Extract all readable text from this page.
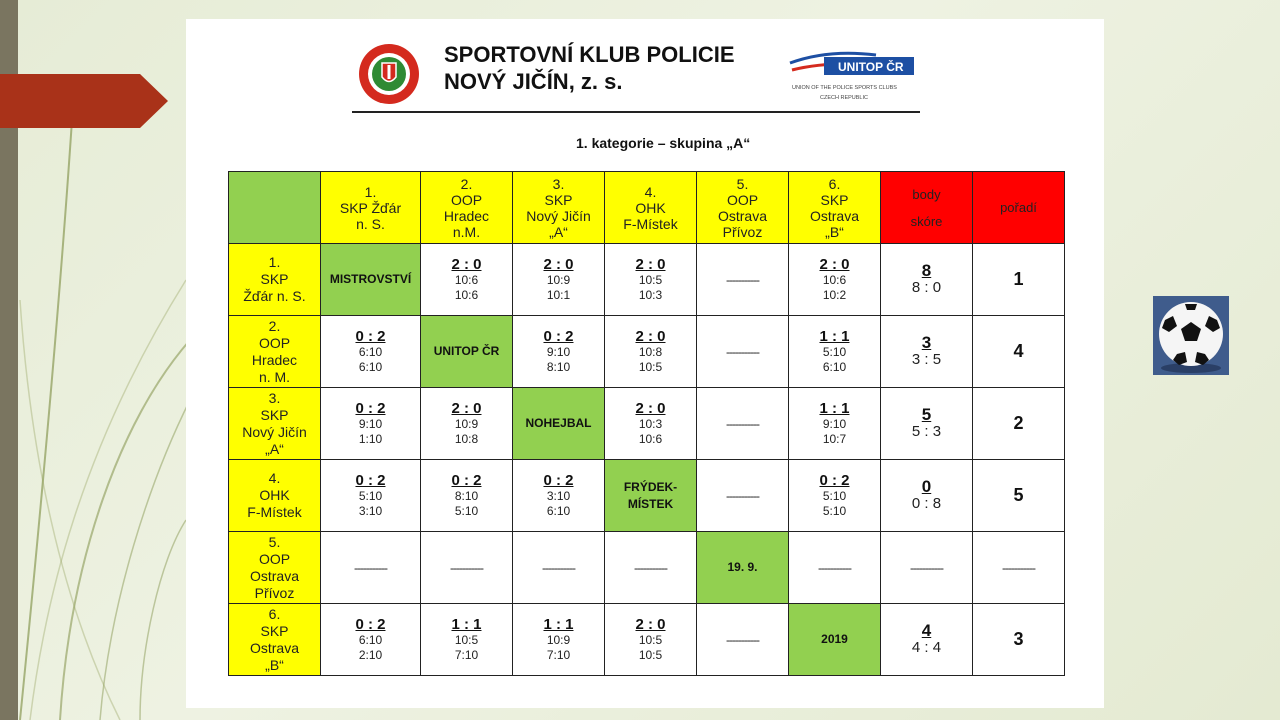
SPORTOVNÍ KLUB POLICIE
NOVÝ JIČÍN, z. s.
UNITOP ČR
UNION OF THE POLICE SPORTS CLUBS
CZECH REPUBLIC
1. kategorie – skupina „A“

	1.
SKP Žďár
n. S.	2.
OOP
Hradec
n.M.	3.
SKP
Nový Jičín
„A“	4.
OHK
F-Místek	5.
OOP
Ostrava
Přívoz	6.
SKP
Ostrava
„B“	body
skóre	pořadí

1.
SKP
Žďár n. S.	MISTROVSTVÍ	2 : 0
10:6
10:6	2 : 0
10:9
10:1	2 : 0
10:5
10:3	-----------	2 : 0
10:6
10:2	8
8 : 0	1

2.
OOP
Hradec
n. M.	0 : 2
6:10
6:10	UNITOP ČR	0 : 2
9:10
8:10	2 : 0
10:8
10:5	-----------	1 : 1
5:10
6:10	3
3 : 5	4

3.
SKP
Nový Jičín
„A“	0 : 2
9:10
1:10	2 : 0
10:9
10:8	NOHEJBAL	2 : 0
10:3
10:6	-----------	1 : 1
9:10
10:7	5
5 : 3	2

4.
OHK
F-Místek	0 : 2
5:10
3:10	0 : 2
8:10
5:10	0 : 2
3:10
6:10	FRÝDEK-
MÍSTEK	-----------	0 : 2
5:10
5:10	0
0 : 8	5

5.
OOP
Ostrava
Přívoz	-----------	-----------	-----------	-----------	19. 9.	-----------	-----------	-----------

6.
SKP
Ostrava
„B“	0 : 2
6:10
2:10	1 : 1
10:5
7:10	1 : 1
10:9
7:10	2 : 0
10:5
10:5	-----------	2019	4
4 : 4	3
